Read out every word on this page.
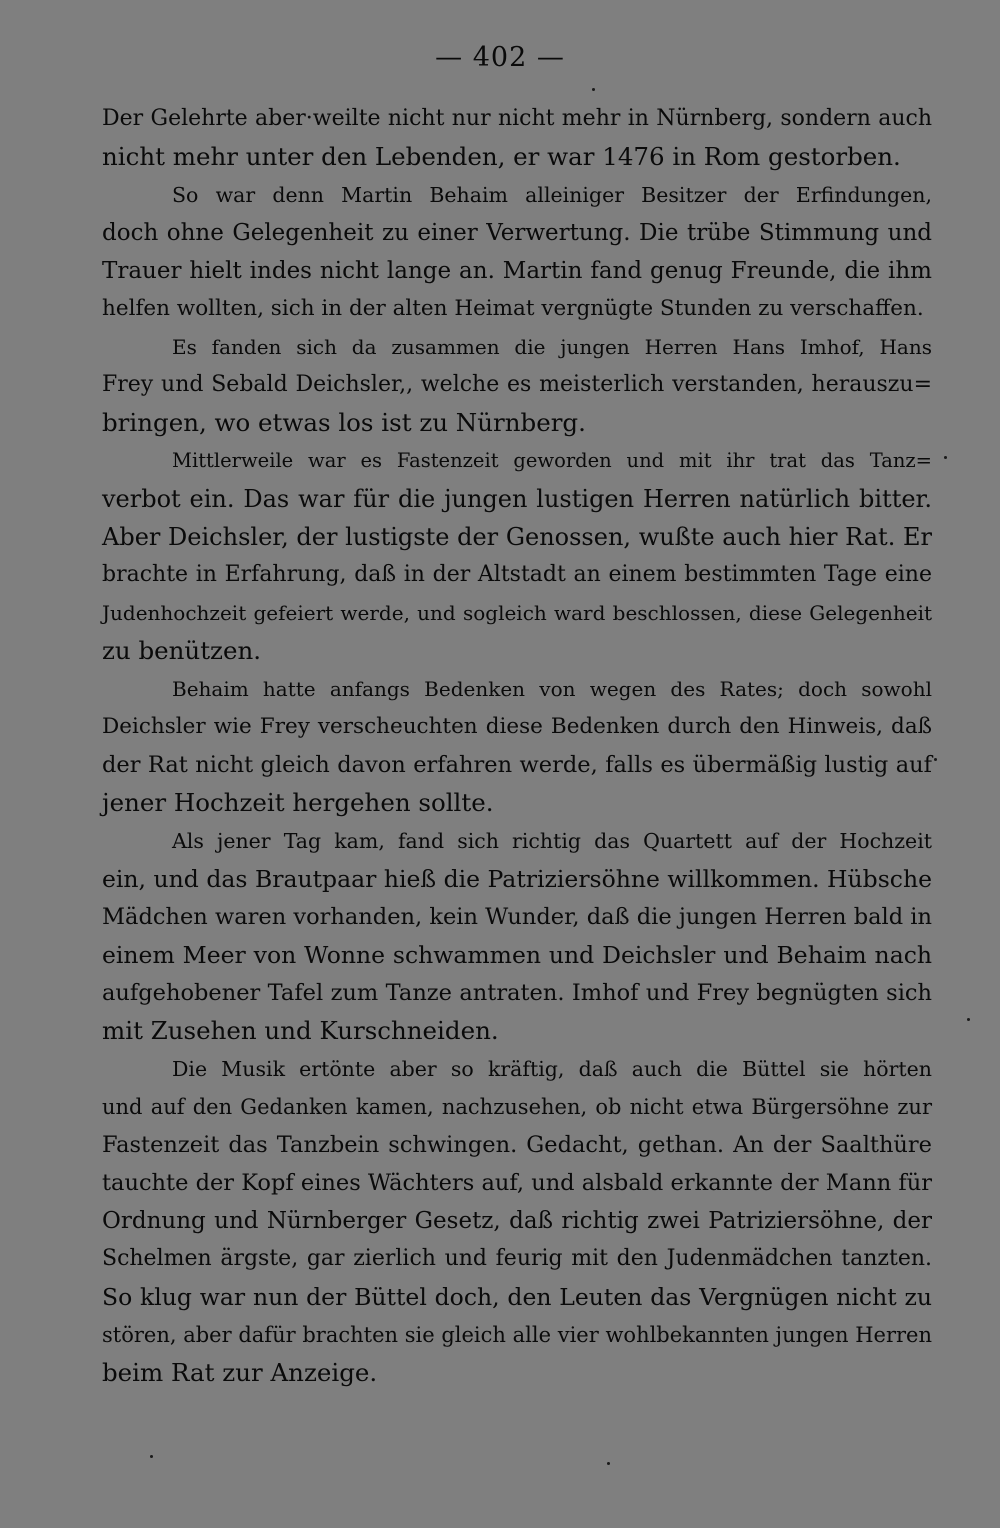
— 402 —
Der Gelehrte aber·weilte nicht nur nicht mehr in Nürnberg, sondern auch
nicht mehr unter den Lebenden, er war 1476 in Rom gestorben.
So war denn Martin Behaim alleiniger Besitzer der Erfindungen,
doch ohne Gelegenheit zu einer Verwertung. Die trübe Stimmung und
Trauer hielt indes nicht lange an. Martin fand genug Freunde, die ihm
helfen wollten, sich in der alten Heimat vergnügte Stunden zu verschaffen.
Es fanden sich da zusammen die jungen Herren Hans Imhof, Hans
Frey und Sebald Deichsler,, welche es meisterlich verstanden, herauszu=
bringen, wo etwas los ist zu Nürnberg.
Mittlerweile war es Fastenzeit geworden und mit ihr trat das Tanz=
verbot ein. Das war für die jungen lustigen Herren natürlich bitter.
Aber Deichsler, der lustigste der Genossen, wußte auch hier Rat. Er
brachte in Erfahrung, daß in der Altstadt an einem bestimmten Tage eine
Judenhochzeit gefeiert werde, und sogleich ward beschlossen, diese Gelegenheit
zu benützen.
Behaim hatte anfangs Bedenken von wegen des Rates; doch sowohl
Deichsler wie Frey verscheuchten diese Bedenken durch den Hinweis, daß
der Rat nicht gleich davon erfahren werde, falls es übermäßig lustig auf
jener Hochzeit hergehen sollte.
Als jener Tag kam, fand sich richtig das Quartett auf der Hochzeit
ein, und das Brautpaar hieß die Patriziersöhne willkommen. Hübsche
Mädchen waren vorhanden, kein Wunder, daß die jungen Herren bald in
einem Meer von Wonne schwammen und Deichsler und Behaim nach
aufgehobener Tafel zum Tanze antraten. Imhof und Frey begnügten sich
mit Zusehen und Kurschneiden.
Die Musik ertönte aber so kräftig, daß auch die Büttel sie hörten
und auf den Gedanken kamen, nachzusehen, ob nicht etwa Bürgersöhne zur
Fastenzeit das Tanzbein schwingen. Gedacht, gethan. An der Saalthüre
tauchte der Kopf eines Wächters auf, und alsbald erkannte der Mann für
Ordnung und Nürnberger Gesetz, daß richtig zwei Patriziersöhne, der
Schelmen ärgste, gar zierlich und feurig mit den Judenmädchen tanzten.
So klug war nun der Büttel doch, den Leuten das Vergnügen nicht zu
stören, aber dafür brachten sie gleich alle vier wohlbekannten jungen Herren
beim Rat zur Anzeige.
